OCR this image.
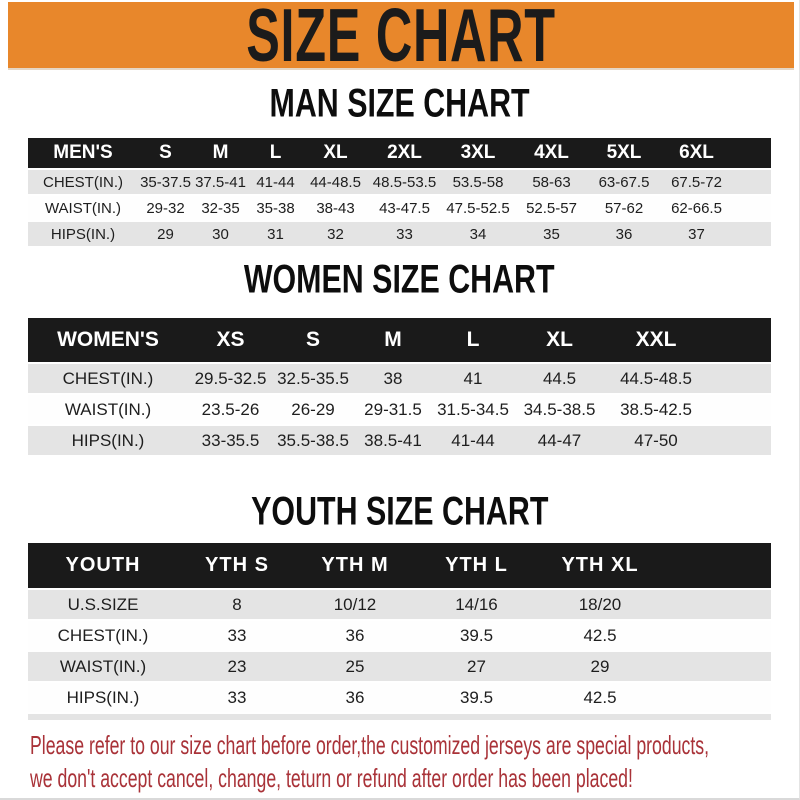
SIZE CHART
MAN SIZE CHART
MEN'S	S	M	L	XL	2XL	3XL	4XL	5XL	6XL	
CHEST(IN.)	35-37.5	37.5-41	41-44	44-48.5	48.5-53.5	53.5-58	58-63	63-67.5	67.5-72	
WAIST(IN.)	29-32	32-35	35-38	38-43	43-47.5	47.5-52.5	52.5-57	57-62	62-66.5	
HIPS(IN.)	29	30	31	32	33	34	35	36	37	
WOMEN SIZE CHART
WOMEN'S	XS	S	M	L	XL	XXL	
CHEST(IN.)	29.5-32.5	32.5-35.5	38	41	44.5	44.5-48.5	
WAIST(IN.)	23.5-26	26-29	29-31.5	31.5-34.5	34.5-38.5	38.5-42.5	
HIPS(IN.)	33-35.5	35.5-38.5	38.5-41	41-44	44-47	47-50	
YOUTH SIZE CHART
YOUTH	YTH S	YTH M	YTH L	YTH XL	
U.S.SIZE	8	10/12	14/16	18/20	
CHEST(IN.)	33	36	39.5	42.5	
WAIST(IN.)	23	25	27	29	
HIPS(IN.)	33	36	39.5	42.5	

Please refer to our size chart before order,the customized jerseys are special products,
we don't accept cancel, change, teturn or refund after order has been placed!
